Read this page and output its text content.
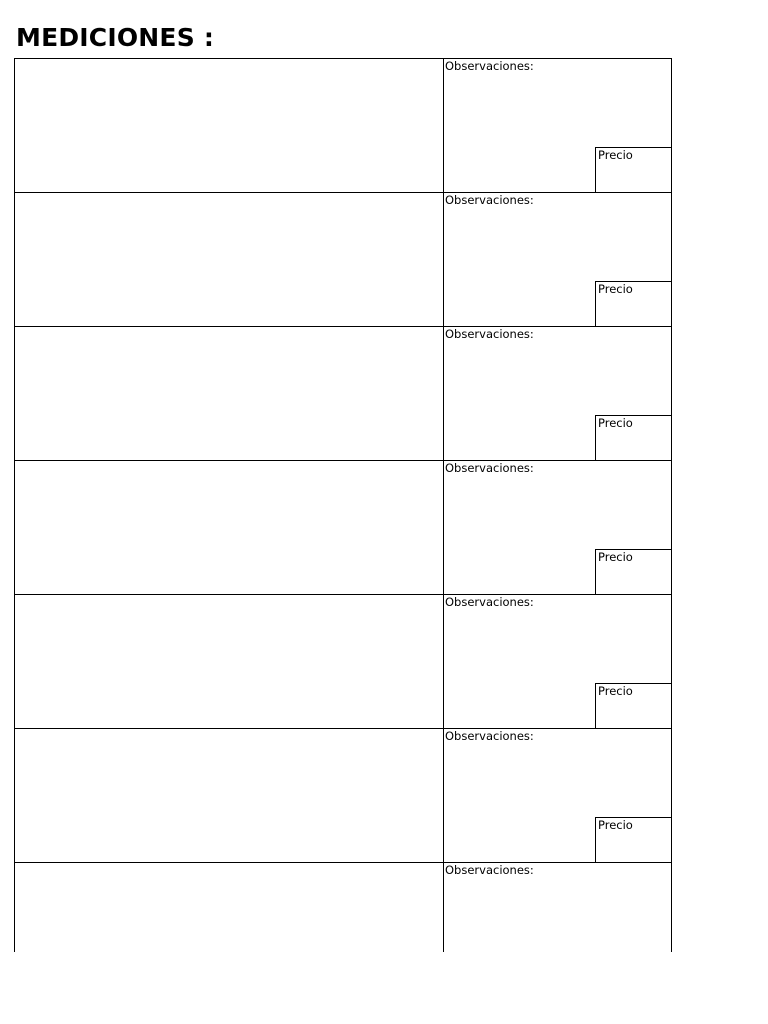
MEDICIONES :
Observaciones:
Precio
Observaciones:
Precio
Observaciones:
Precio
Observaciones:
Precio
Observaciones:
Precio
Observaciones:
Precio
Observaciones:
